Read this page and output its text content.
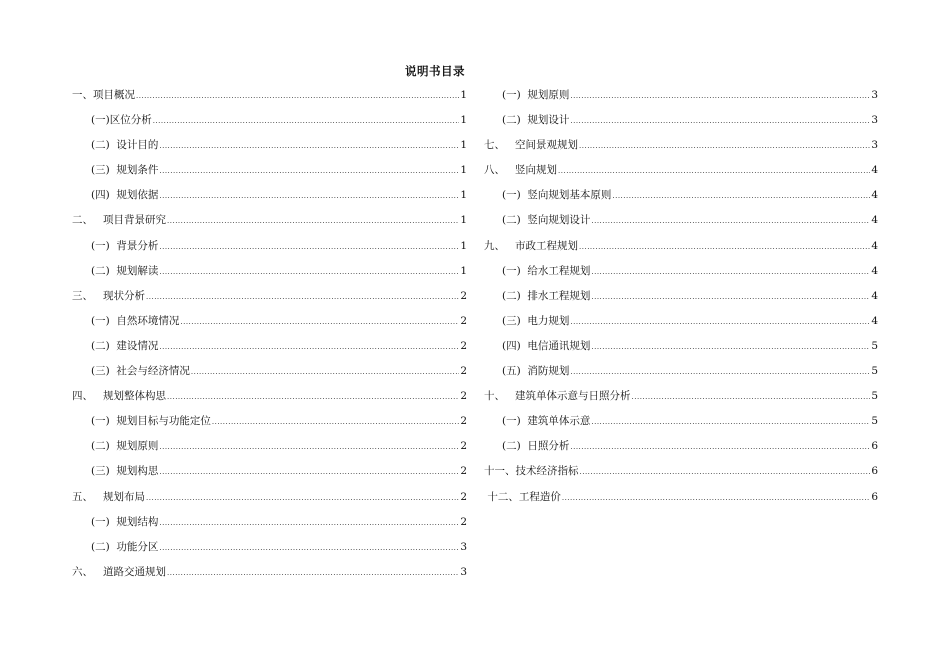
说明书目录
一、项目概况 .....	1
(一)区位分析 .....	1
(二)  设计目的 .....	1
(三)  规划条件 .....	1
(四)  规划依据 .....	1
二、   项目背景研究 .....	1
(一)  背景分析 .....	1
(二)  规划解读 .....	1
三、   现状分析 .....	2
(一)  自然环境情况 .....	2
(二)  建设情况 .....	2
(三)  社会与经济情况 .....	2
四、   规划整体构思 .....	2
(一)  规划目标与功能定位 .....	2
(二)  规划原则 .....	2
(三)  规划构思 .....	2
五、   规划布局 .....	2
(一)  规划结构 .....	2
(二)  功能分区 .....	3
六、   道路交通规划 .....	3
(一)  规划原则 .....	3
(二)  规划设计 .....	3
七、   空间景观规划 .....	3
八、   竖向规划 .....	4
(一)  竖向规划基本原则 .....	4
(二)  竖向规划设计 .....	4
九、   市政工程规划 .....	4
(一)  给水工程规划 .....	4
(二)  排水工程规划 .....	4
(三)  电力规划 .....	4
(四)  电信通讯规划 .....	5
(五)  消防规划 .....	5
十、   建筑单体示意与日照分析 .....	5
(一)  建筑单体示意 .....	5
(二)  日照分析 .....	6
十一、技术经济指标 .....	6
十二、工程造价 .....	6
